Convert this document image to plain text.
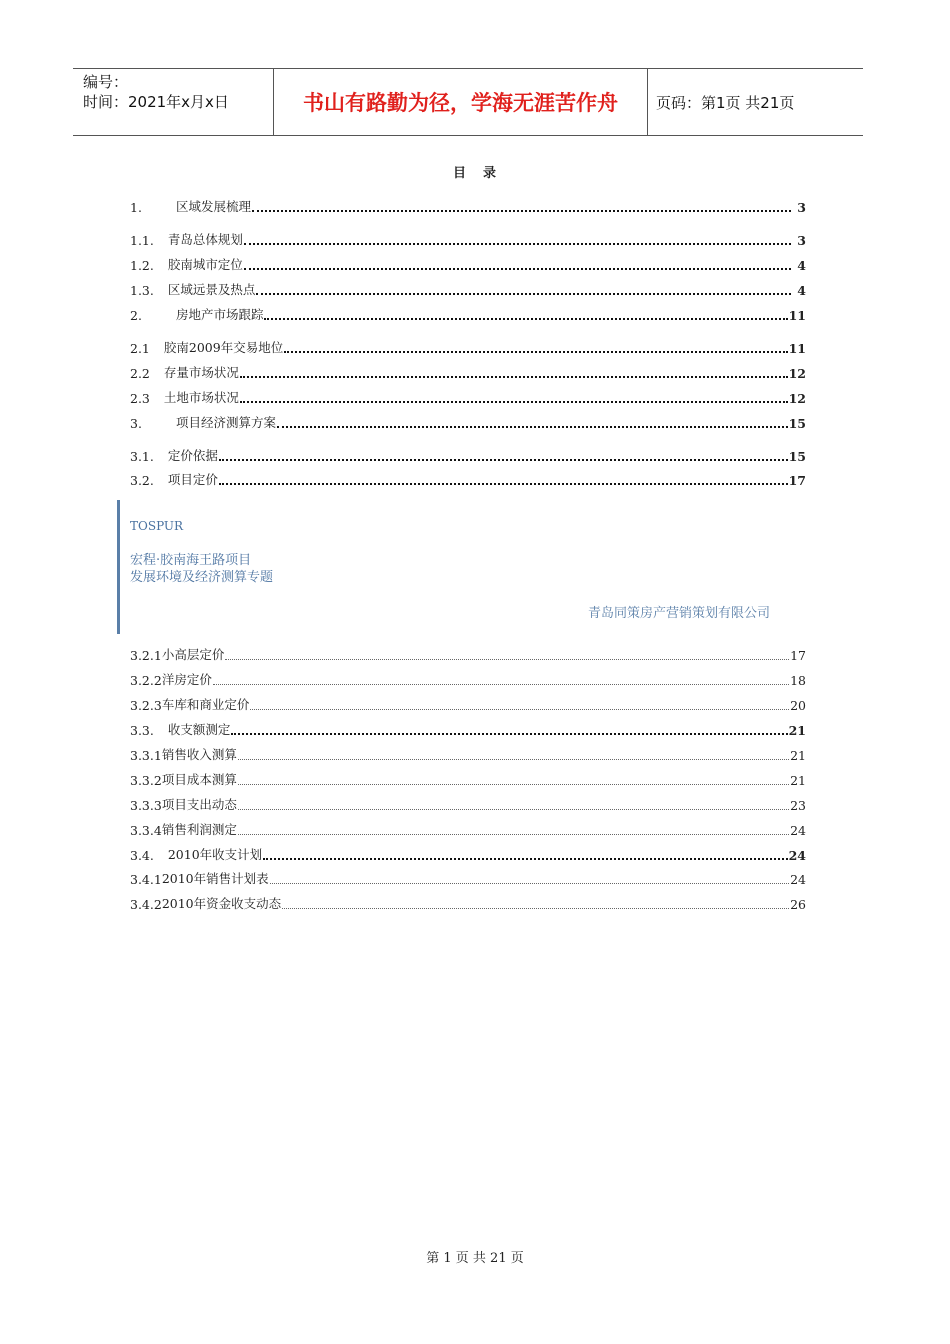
编号：
时间：2021年x月x日	书山有路勤为径，学海无涯苦作舟	页码：第1页 共21页
目 录
1.	区域发展梳理	3
1.1. 青岛总体规划	3
1.2. 胶南城市定位	4
1.3. 区域远景及热点	4
2.	房地产市场跟踪	11
2.1 胶南2009年交易地位	11
2.2 存量市场状况	12
2.3 土地市场状况	12
3.	项目经济测算方案	15
3.1. 定价依据	15
3.2. 项目定价	17
TOSPUR
宏程·胶南海王路项目
发展环境及经济测算专题
青岛同策房产营销策划有限公司
3.2.1 小高层定价	17
3.2.2 洋房定价	18
3.2.3 车库和商业定价	20
3.3. 收支额测定	21
3.3.1 销售收入测算	21
3.3.2 项目成本测算	21
3.3.3 项目支出动态	23
3.3.4 销售利润测定	24
3.4. 2010年收支计划	24
3.4.1 2010年销售计划表	24
3.4.2 2010年资金收支动态	26
第 1 页 共 21 页
